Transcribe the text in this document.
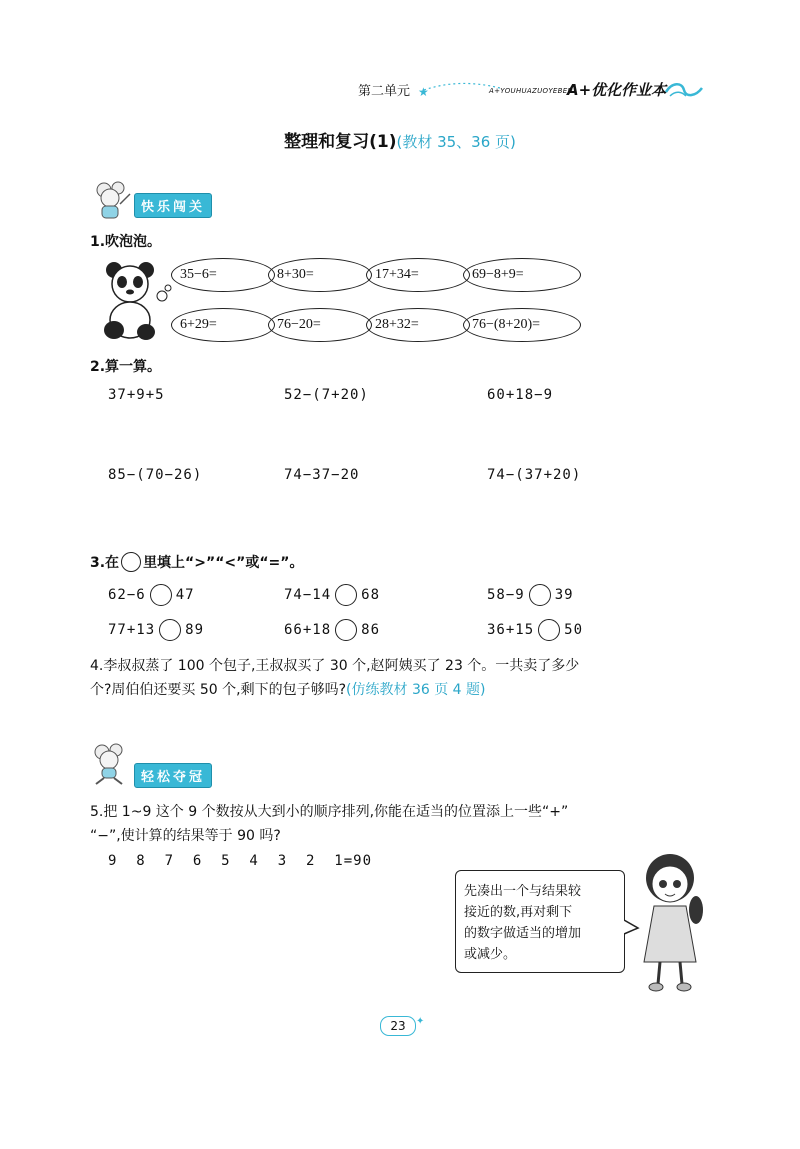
第二单元 ★	A+YOUHUAZUOYEBEN
A+优化作业本
整理和复习(1)(教材 35、36 页)
快乐闯关
1.吹泡泡。
35−6=	8+30=	17+34=	69−8+9=
6+29=	76−20=	28+32=	76−(8+20)=
2.算一算。
37+9+5	52−(7+20)	60+18−9
85−(70−26)	74−37−20	74−(37+20)
3.在 里填上“>”“<”或“=”。
62−6 47	74−14 68	58−9 39
77+13 89	66+18 86	36+15 50
4.李叔叔蒸了 100 个包子,王叔叔买了 30 个,赵阿姨买了 23 个。一共卖了多少
个?周伯伯还要买 50 个,剩下的包子够吗?(仿练教材 36 页 4 题)
轻松夺冠
5.把 1~9 这个 9 个数按从大到小的顺序排列,你能在适当的位置添上一些“+”
“−”,使计算的结果等于 90 吗?
9  8  7  6  5  4  3  2  1=90
先凑出一个与结果较
接近的数,再对剩下
的数字做适当的增加
或减少。
23	✦
